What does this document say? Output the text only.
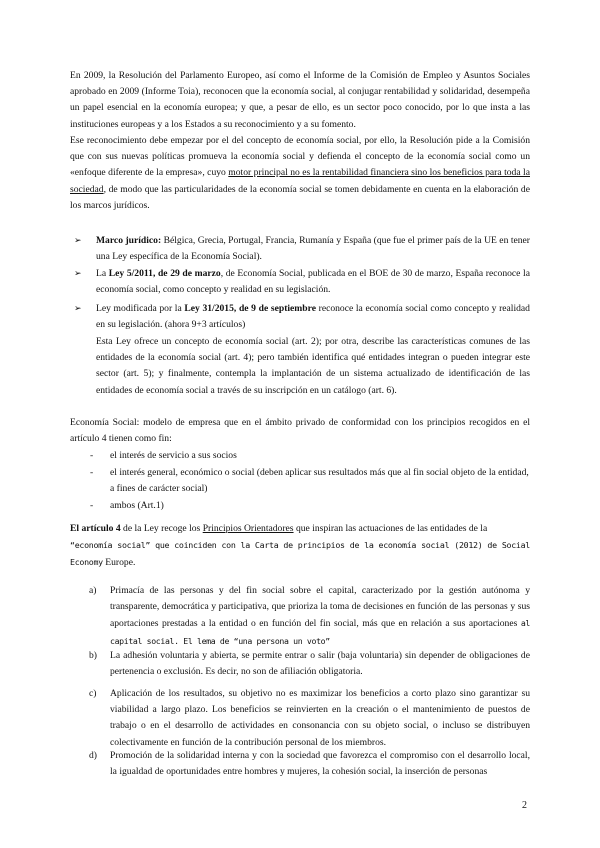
En 2009, la Resolución del Parlamento Europeo, así como el Informe de la Comisión de Empleo y Asuntos Sociales aprobado en 2009 (Informe Toia), reconocen que la economía social, al conjugar rentabilidad y solidaridad, desempeña un papel esencial en la economía europea; y que, a pesar de ello, es un sector poco conocido, por lo que insta a las instituciones europeas y a los Estados a su reconocimiento y a su fomento.

Ese reconocimiento debe empezar por el del concepto de economía social, por ello, la Resolución pide a la Comisión que con sus nuevas políticas promueva la economía social y defienda el concepto de la economía social como un «enfoque diferente de la empresa», cuyo motor principal no es la rentabilidad financiera sino los beneficios para toda la sociedad, de modo que las particularidades de la economía social se tomen debidamente en cuenta en la elaboración de los marcos jurídicos.

➢ Marco jurídico: Bélgica, Grecia, Portugal, Francia, Rumanía y España (que fue el primer país de la UE en tener una Ley específica de la Economía Social).
➢ La Ley 5/2011, de 29 de marzo, de Economía Social, publicada en el BOE de 30 de marzo, España reconoce la economía social, como concepto y realidad en su legislación.
➢ Ley modificada por la Ley 31/2015, de 9 de septiembre reconoce la economía social como concepto y realidad en su legislación. (ahora 9+3 artículos)
Esta Ley ofrece un concepto de economía social (art. 2); por otra, describe las características comunes de las entidades de la economía social (art. 4); pero también identifica qué entidades integran o pueden integrar este sector (art. 5); y finalmente, contempla la implantación de un sistema actualizado de identificación de las entidades de economía social a través de su inscripción en un catálogo (art. 6).

Economía Social: modelo de empresa que en el ámbito privado de conformidad con los principios recogidos en el artículo 4 tienen como fin:

- el interés de servicio a sus socios
- el interés general, económico o social (deben aplicar sus resultados más que al fin social objeto de la entidad, a fines de carácter social)
- ambos (Art.1)

El artículo 4 de la Ley recoge los Principios Orientadores que inspiran las actuaciones de las entidades de la
“economía social” que coinciden con la Carta de principios de la economía social (2012) de Social Economy Europe.

a) Primacía de las personas y del fin social sobre el capital, caracterizado por la gestión autónoma y transparente, democrática y participativa, que prioriza la toma de decisiones en función de las personas y sus aportaciones prestadas a la entidad o en función del fin social, más que en relación a sus aportaciones al capital social. El lema de “una persona un voto”
b) La adhesión voluntaria y abierta, se permite entrar o salir (baja voluntaria) sin depender de obligaciones de pertenencia o exclusión. Es decir, no son de afiliación obligatoria.
c) Aplicación de los resultados, su objetivo no es maximizar los beneficios a corto plazo sino garantizar su viabilidad a largo plazo. Los beneficios se reinvierten en la creación o el mantenimiento de puestos de trabajo o en el desarrollo de actividades en consonancia con su objeto social, o incluso se distribuyen colectivamente en función de la contribución personal de los miembros.
d) Promoción de la solidaridad interna y con la sociedad que favorezca el compromiso con el desarrollo local, la igualdad de oportunidades entre hombres y mujeres, la cohesión social, la inserción de personas
2
